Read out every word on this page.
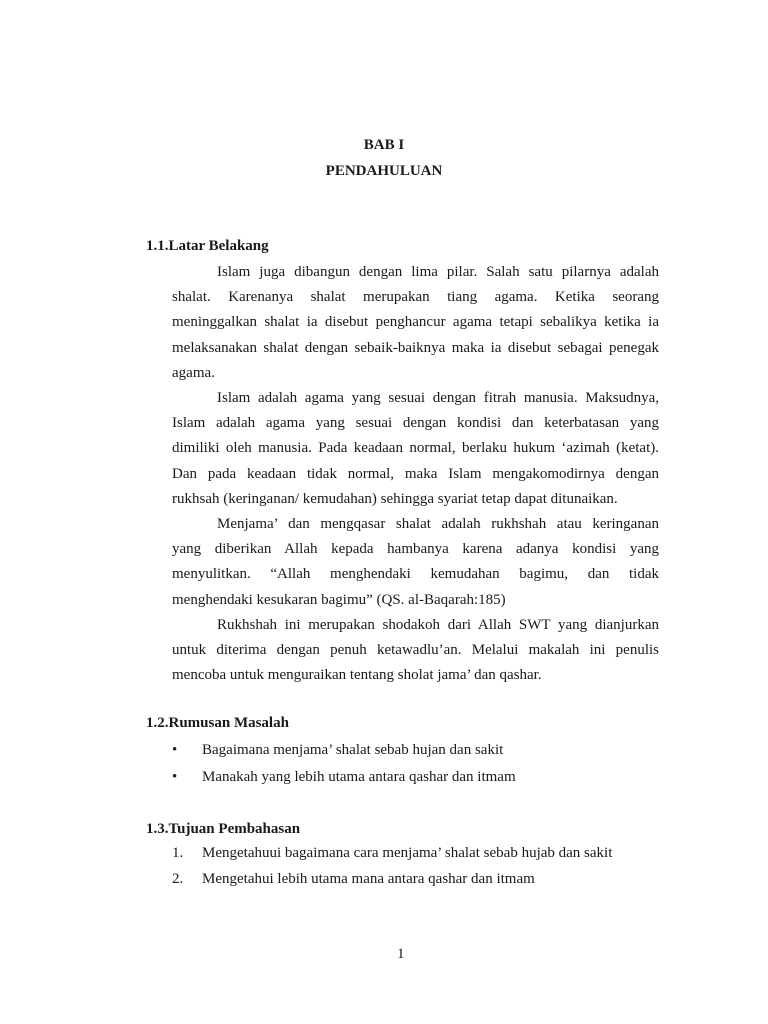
BAB I
PENDAHULUAN
1.1.Latar Belakang
Islam juga dibangun dengan lima pilar. Salah satu pilarnya adalah
shalat. Karenanya shalat merupakan tiang agama. Ketika seorang
meninggalkan shalat ia disebut penghancur agama tetapi sebalikya ketika ia
melaksanakan shalat dengan sebaik-baiknya maka ia disebut sebagai penegak
agama.
Islam adalah agama yang sesuai dengan fitrah manusia. Maksudnya,
Islam adalah agama yang sesuai dengan kondisi dan keterbatasan yang
dimiliki oleh manusia. Pada keadaan normal, berlaku hukum ‘azimah (ketat).
Dan pada keadaan tidak normal, maka Islam mengakomodirnya dengan
rukhsah (keringanan/ kemudahan) sehingga syariat tetap dapat ditunaikan.
Menjama’ dan mengqasar shalat adalah rukhshah atau keringanan
yang diberikan Allah kepada hambanya karena adanya kondisi yang
menyulitkan. “Allah menghendaki kemudahan bagimu, dan tidak
menghendaki kesukaran bagimu” (QS. al-Baqarah:185)
Rukhshah ini merupakan shodakoh dari Allah SWT yang dianjurkan
untuk diterima dengan penuh ketawadlu’an. Melalui makalah ini penulis
mencoba untuk menguraikan tentang sholat jama’ dan qashar.
1.2.Rumusan Masalah
• Bagaimana menjama’ shalat sebab hujan dan sakit
• Manakah yang lebih utama antara qashar dan itmam
1.3.Tujuan Pembahasan
1. Mengetahuui bagaimana cara menjama’ shalat sebab hujab dan sakit
2. Mengetahui lebih utama mana antara qashar dan itmam
1
